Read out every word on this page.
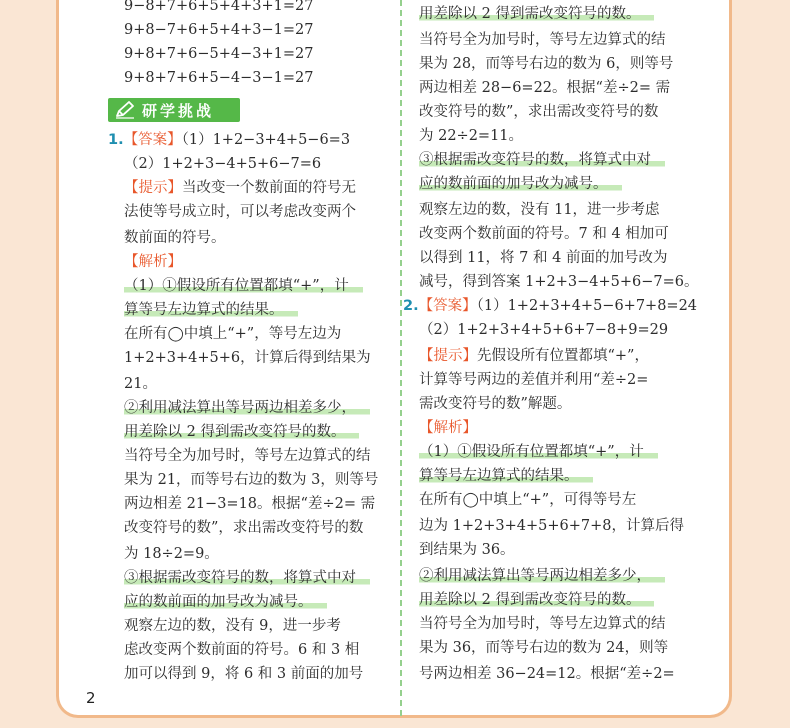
9−8+7+6+5+4+3+1=27
9+8−7+6+5+4+3−1=27
9+8+7+6−5+4−3+1=27
9+8+7+6+5−4−3−1=27
研学挑战
1.【答案】（1）1+2−3+4+5−6=3
（2）1+2+3−4+5+6−7=6
【提示】当改变一个数前面的符号无
法使等号成立时，可以考虑改变两个
数前面的符号。
【解析】
（1）①假设所有位置都填“+”，计
算等号左边算式的结果。
在所有◯中填上“+”，等号左边为
1+2+3+4+5+6，计算后得到结果为
21。
②利用减法算出等号两边相差多少，
用差除以 2 得到需改变符号的数。
当符号全为加号时，等号左边算式的结
果为 21，而等号右边的数为 3，则等号
两边相差 21−3=18。根据“差÷2= 需
改变符号的数”，求出需改变符号的数
为 18÷2=9。
③根据需改变符号的数，将算式中对
应的数前面的加号改为减号。
观察左边的数，没有 9，进一步考
虑改变两个数前面的符号。6 和 3 相
加可以得到 9，将 6 和 3 前面的加号
用差除以 2 得到需改变符号的数。
当符号全为加号时，等号左边算式的结
果为 28，而等号右边的数为 6，则等号
两边相差 28−6=22。根据“差÷2= 需
改变符号的数”，求出需改变符号的数
为 22÷2=11。
③根据需改变符号的数，将算式中对
应的数前面的加号改为减号。
观察左边的数，没有 11，进一步考虑
改变两个数前面的符号。7 和 4 相加可
以得到 11，将 7 和 4 前面的加号改为
减号，得到答案 1+2+3−4+5+6−7=6。
2.【答案】（1）1+2+3+4+5−6+7+8=24
（2）1+2+3+4+5+6+7−8+9=29
【提示】先假设所有位置都填“+”，
计算等号两边的差值并利用“差÷2=
需改变符号的数”解题。
【解析】
（1）①假设所有位置都填“+”，计
算等号左边算式的结果。
在所有◯中填上“+”，可得等号左
边为 1+2+3+4+5+6+7+8，计算后得
到结果为 36。
②利用减法算出等号两边相差多少，
用差除以 2 得到需改变符号的数。
当符号全为加号时，等号左边算式的结
果为 36，而等号右边的数为 24，则等
号两边相差 36−24=12。根据“差÷2=
2
